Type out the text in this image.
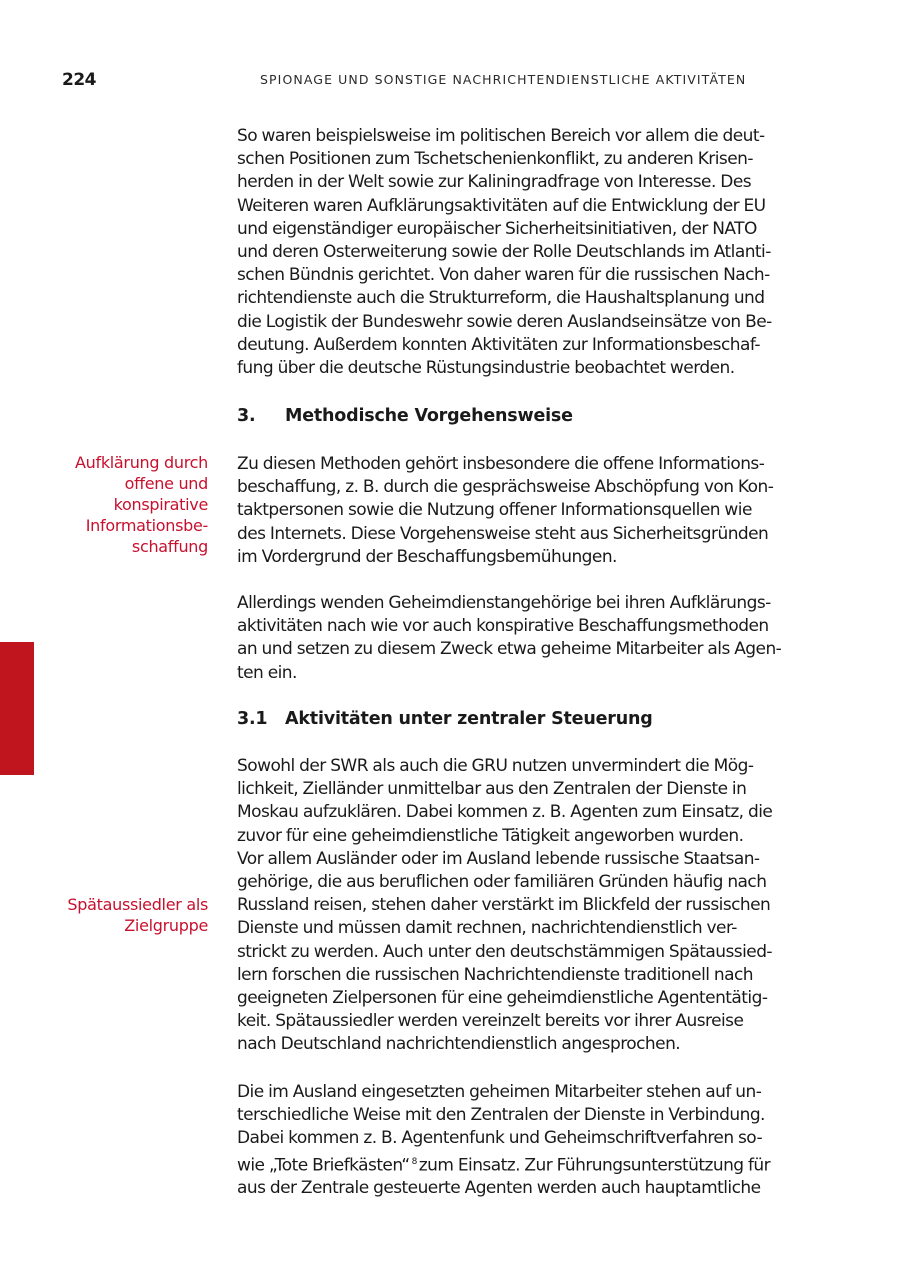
224	SPIONAGE UND SONSTIGE NACHRICHTENDIENSTLICHE AKTIVITÄTEN
So waren beispielsweise im politischen Bereich vor allem die deut-
schen Positionen zum Tschetschenienkonflikt, zu anderen Krisen-
herden in der Welt sowie zur Kaliningradfrage von Interesse. Des
Weiteren waren Aufklärungsaktivitäten auf die Entwicklung der EU
und eigenständiger europäischer Sicherheitsinitiativen, der NATO
und deren Osterweiterung sowie der Rolle Deutschlands im Atlanti-
schen Bündnis gerichtet. Von daher waren für die russischen Nach-
richtendienste auch die Strukturreform, die Haushaltsplanung und
die Logistik der Bundeswehr sowie deren Auslandseinsätze von Be-
deutung. Außerdem konnten Aktivitäten zur Informationsbeschaf-
fung über die deutsche Rüstungsindustrie beobachtet werden.
3. Methodische Vorgehensweise
Aufklärung durch
offene und
konspirative
Informationsbe-
schaffung
Zu diesen Methoden gehört insbesondere die offene Informations-
beschaffung, z. B. durch die gesprächsweise Abschöpfung von Kon-
taktpersonen sowie die Nutzung offener Informationsquellen wie
des Internets. Diese Vorgehensweise steht aus Sicherheitsgründen
im Vordergrund der Beschaffungsbemühungen.
Allerdings wenden Geheimdienstangehörige bei ihren Aufklärungs-
aktivitäten nach wie vor auch konspirative Beschaffungsmethoden
an und setzen zu diesem Zweck etwa geheime Mitarbeiter als Agen-
ten ein.
3.1 Aktivitäten unter zentraler Steuerung
Sowohl der SWR als auch die GRU nutzen unvermindert die Mög-
lichkeit, Zielländer unmittelbar aus den Zentralen der Dienste in
Moskau aufzuklären. Dabei kommen z. B. Agenten zum Einsatz, die
zuvor für eine geheimdienstliche Tätigkeit angeworben wurden.
Vor allem Ausländer oder im Ausland lebende russische Staatsan-
gehörige, die aus beruflichen oder familiären Gründen häufig nach
Russland reisen, stehen daher verstärkt im Blickfeld der russischen
Dienste und müssen damit rechnen, nachrichtendienstlich ver-
strickt zu werden. Auch unter den deutschstämmigen Spätaussied-
lern forschen die russischen Nachrichtendienste traditionell nach
geeigneten Zielpersonen für eine geheimdienstliche Agententätig-
keit. Spätaussiedler werden vereinzelt bereits vor ihrer Ausreise
nach Deutschland nachrichtendienstlich angesprochen.
Spätaussiedler als
Zielgruppe
Die im Ausland eingesetzten geheimen Mitarbeiter stehen auf un-
terschiedliche Weise mit den Zentralen der Dienste in Verbindung.
Dabei kommen z. B. Agentenfunk und Geheimschriftverfahren so-
wie „Tote Briefkästen“ $^8$ zum Einsatz. Zur Führungsunterstützung für
aus der Zentrale gesteuerte Agenten werden auch hauptamtliche
